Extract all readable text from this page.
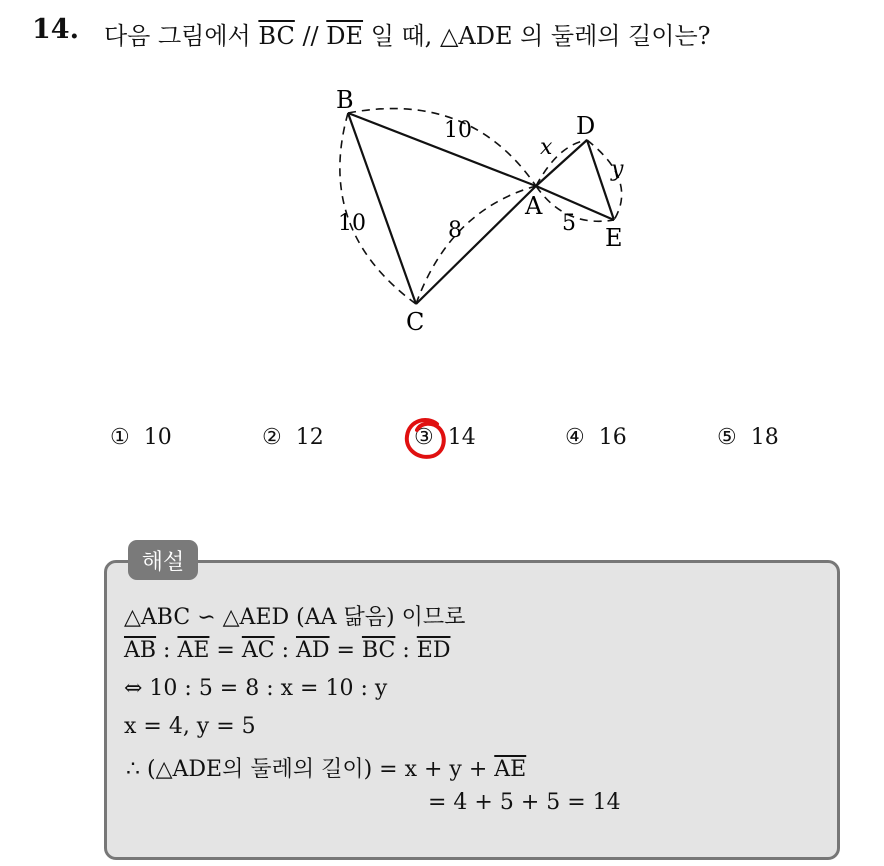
14. 다음 그림에서 $\overline{BC} // \overline{DE}$ 일 때, △ADE 의 둘레의 길이는?
B
C
D
A
E
10
10	8
x
y
5
① 10	② 12	③ 14	④ 16	⑤ 18
해설
△ABC ∽ △AED (AA 닮음) 이므로
$\overline{AB}$ : $\overline{AE} = \overline{AC}$ : $\overline{AD} = \overline{BC}$ : $\overline{ED}$
⇔ 10 : 5 = 8 : x = 10 : y
x = 4, y = 5
∴ (△ADE의 둘레의 길이) = $x + y + \overline{AE}$
= 4 + 5 + 5 = 14
